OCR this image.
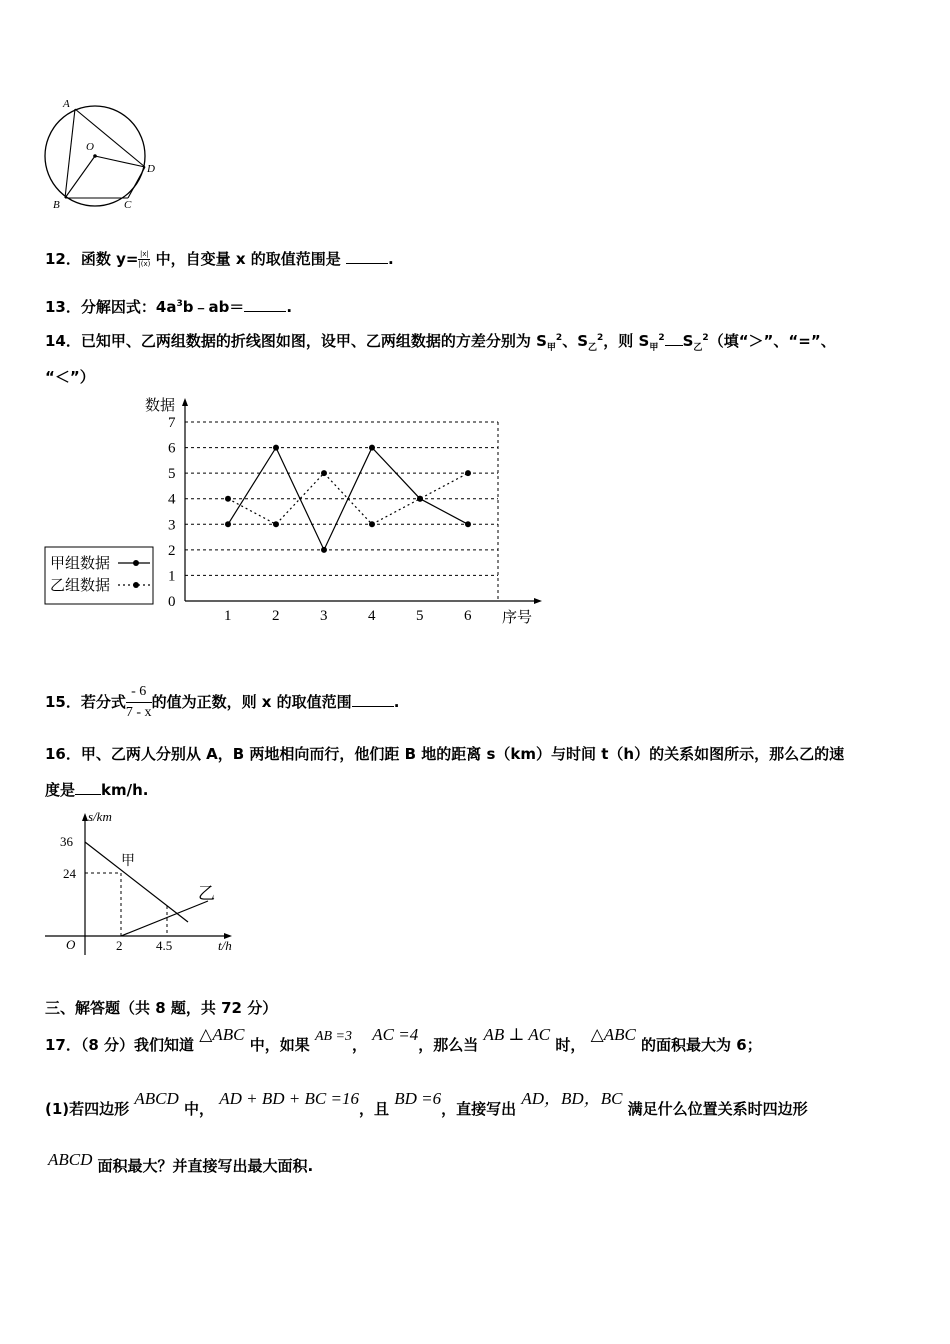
A
O
D
B	C
12．函数 $y= \frac{|x|}{|(x)}$ 中，自变量 x 的取值范围是	.
13．分解因式：$4a^3b﹣ab=$	.
14．已知甲、乙两组数据的折线图如图，设甲、乙两组数据的方差分别为 $S_甲^2$、$S_乙^2$，则 $S_甲^2$ $S_乙^2$（填“＞”、“=”、
“＜”）
0
1
2
3
4
5
6
7
1	2	3	4	5	6
数据
序号
甲组数据
乙组数据
15．若分式 $\frac{- 6}{7 - x}$ 的值为正数，则 x 的取值范围	.
16．甲、乙两人分别从 A，B 两地相向而行，他们距 B 地的距离 s（km）与时间 t（h）的关系如图所示，那么乙的速
度是 km/h.
s/km
t/h
O
36
24
2	4.5
甲
乙
三、解答题（共 8 题，共 72 分）
17．（8 分）我们知道 △ABC 中，如果 AB =3， AC =4，那么当 AB ⊥ AC 时， △ABC 的面积最大为 6；
(1)若四边形 ABCD 中， AD + BD + BC =16，且 BD =6，直接写出 AD，BD，BC 满足什么位置关系时四边形
ABCD 面积最大？并直接写出最大面积.
